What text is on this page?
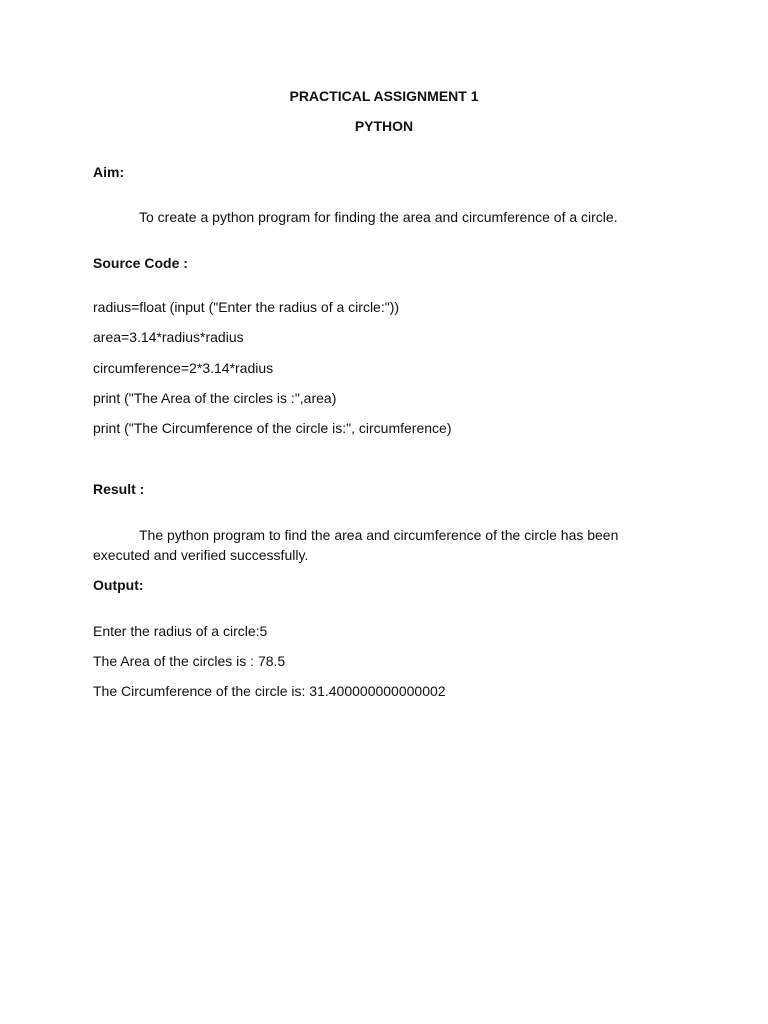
PRACTICAL ASSIGNMENT 1
PYTHON
Aim:
To create a python program for finding the area and circumference of a circle.
Source Code :
radius=float (input ("Enter the radius of a circle:"))
area=3.14*radius*radius
circumference=2*3.14*radius
print ("The Area of the circles is :",area)
print ("The Circumference of the circle is:", circumference)
Result :
The python program to find the area and circumference of the circle has been executed and verified successfully.
Output:
Enter the radius of a circle:5
The Area of the circles is : 78.5
The Circumference of the circle is: 31.400000000000002
